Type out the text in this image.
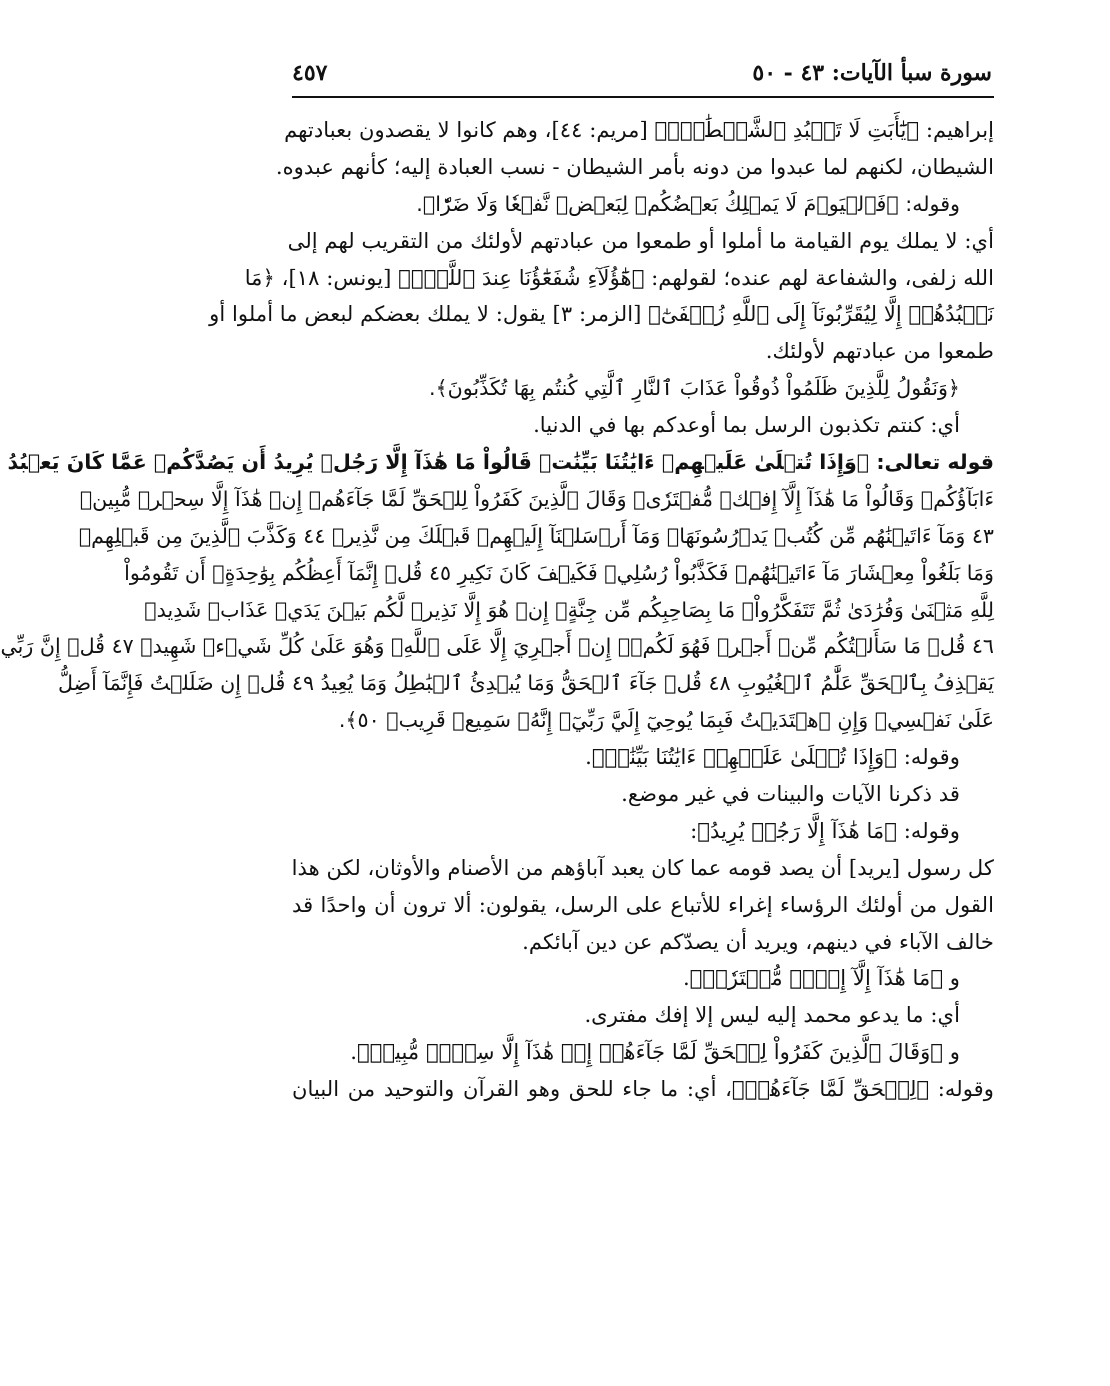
سورة سبأ الآيات: ٤٣ - ٥٠
٤٥٧
إبراهيم: ﴿يَٰٓأَبَتِ لَا تَعۡبُدِ ٱلشَّيۡطَٰنَۖ﴾ [مريم: ٤٤]، وهم كانوا لا يقصدون بعبادتهم
الشيطان، لكنهم لما عبدوا من دونه بأمر الشيطان - نسب العبادة إليه؛ كأنهم عبدوه.
وقوله: ﴿فَٱلۡيَوۡمَ لَا يَمۡلِكُ بَعۡضُكُمۡ لِبَعۡضٖ نَّفۡعٗا وَلَا ضَرّٗا﴾.
أي: لا يملك يوم القيامة ما أملوا أو طمعوا من عبادتهم لأولئك من التقريب لهم إلى
الله زلفى، والشفاعة لهم عنده؛ لقولهم: ﴿هَٰٓؤُلَآءِ شُفَعَٰٓؤُنَا عِندَ ٱللَّهِۚ﴾ [يونس: ١٨]، ﴿مَا
نَعۡبُدُهُمۡ إِلَّا لِيُقَرِّبُونَآ إِلَى ٱللَّهِ زُلۡفَىٰٓ﴾ [الزمر: ٣] يقول: لا يملك بعضكم لبعض ما أملوا أو
طمعوا من عبادتهم لأولئك.
﴿وَنَقُولُ لِلَّذِينَ ظَلَمُواْ ذُوقُواْ عَذَابَ ٱلنَّارِ ٱلَّتِي كُنتُم بِهَا تُكَذِّبُونَ﴾.
أي: كنتم تكذبون الرسل بما أوعدكم بها في الدنيا.
قوله تعالى: ﴿وَإِذَا تُتۡلَىٰ عَلَيۡهِمۡ ءَايَٰتُنَا بَيِّنَٰتٖ قَالُواْ مَا هَٰذَآ إِلَّا رَجُلٞ يُرِيدُ أَن يَصُدَّكُمۡ عَمَّا كَانَ يَعۡبُدُ
ءَابَآؤُكُمۡ وَقَالُواْ مَا هَٰذَآ إِلَّآ إِفۡكٞ مُّفۡتَرٗىۚ وَقَالَ ٱلَّذِينَ كَفَرُواْ لِلۡحَقِّ لَمَّا جَآءَهُمۡ إِنۡ هَٰذَآ إِلَّا سِحۡرٞ مُّبِينٞ
٤٣ وَمَآ ءَاتَيۡنَٰهُم مِّن كُتُبٖ يَدۡرُسُونَهَاۖ وَمَآ أَرۡسَلۡنَآ إِلَيۡهِمۡ قَبۡلَكَ مِن نَّذِيرٖ ٤٤ وَكَذَّبَ ٱلَّذِينَ مِن قَبۡلِهِمۡ
وَمَا بَلَغُواْ مِعۡشَارَ مَآ ءَاتَيۡنَٰهُمۡ فَكَذَّبُواْ رُسُلِيۖ فَكَيۡفَ كَانَ نَكِيرِ ٤٥ قُلۡ إِنَّمَآ أَعِظُكُم بِوَٰحِدَةٍۖ أَن تَقُومُواْ
لِلَّهِ مَثۡنَىٰ وَفُرَٰدَىٰ ثُمَّ تَتَفَكَّرُواْۚ مَا بِصَاحِبِكُم مِّن جِنَّةٍۚ إِنۡ هُوَ إِلَّا نَذِيرٞ لَّكُم بَيۡنَ يَدَيۡ عَذَابٖ شَدِيدٖ
٤٦ قُلۡ مَا سَأَلۡتُكُم مِّنۡ أَجۡرٖ فَهُوَ لَكُمۡۖ إِنۡ أَجۡرِيَ إِلَّا عَلَى ٱللَّهِۖ وَهُوَ عَلَىٰ كُلِّ شَيۡءٖ شَهِيدٞ ٤٧ قُلۡ إِنَّ رَبِّي
يَقۡذِفُ بِٱلۡحَقِّ عَلَّٰمُ ٱلۡغُيُوبِ ٤٨ قُلۡ جَآءَ ٱلۡحَقُّ وَمَا يُبۡدِئُ ٱلۡبَٰطِلُ وَمَا يُعِيدُ ٤٩ قُلۡ إِن ضَلَلۡتُ فَإِنَّمَآ أَضِلُّ
عَلَىٰ نَفۡسِيۖ وَإِنِ ٱهۡتَدَيۡتُ فَبِمَا يُوحِيٓ إِلَيَّ رَبِّيٓۚ إِنَّهُۥ سَمِيعٞ قَرِيبٞ ٥٠﴾.
وقوله: ﴿وَإِذَا تُتۡلَىٰ عَلَيۡهِمۡ ءَايَٰتُنَا بَيِّنَٰتٖ﴾.
قد ذكرنا الآيات والبينات في غير موضع.
وقوله: ﴿مَا هَٰذَآ إِلَّا رَجُلٞ يُرِيدُ﴾:
كل رسول [يريد] أن يصد قومه عما كان يعبد آباؤهم من الأصنام والأوثان، لكن هذا
القول من أولئك الرؤساء إغراء للأتباع على الرسل، يقولون: ألا ترون أن واحدًا قد
خالف الآباء في دينهم، ويريد أن يصدّكم عن دين آبائكم.
و ﴿مَا هَٰذَآ إِلَّآ إِفۡكٞ مُّفۡتَرٗىۚ﴾.
أي: ما يدعو محمد إليه ليس إلا إفك مفترى.
و ﴿وَقَالَ ٱلَّذِينَ كَفَرُواْ لِلۡحَقِّ لَمَّا جَآءَهُمۡ إِنۡ هَٰذَآ إِلَّا سِحۡرٞ مُّبِينٞ﴾.
وقوله: ﴿لِلۡحَقِّ لَمَّا جَآءَهُمۡ﴾، أي: ما جاء للحق وهو القرآن والتوحيد من البيان
